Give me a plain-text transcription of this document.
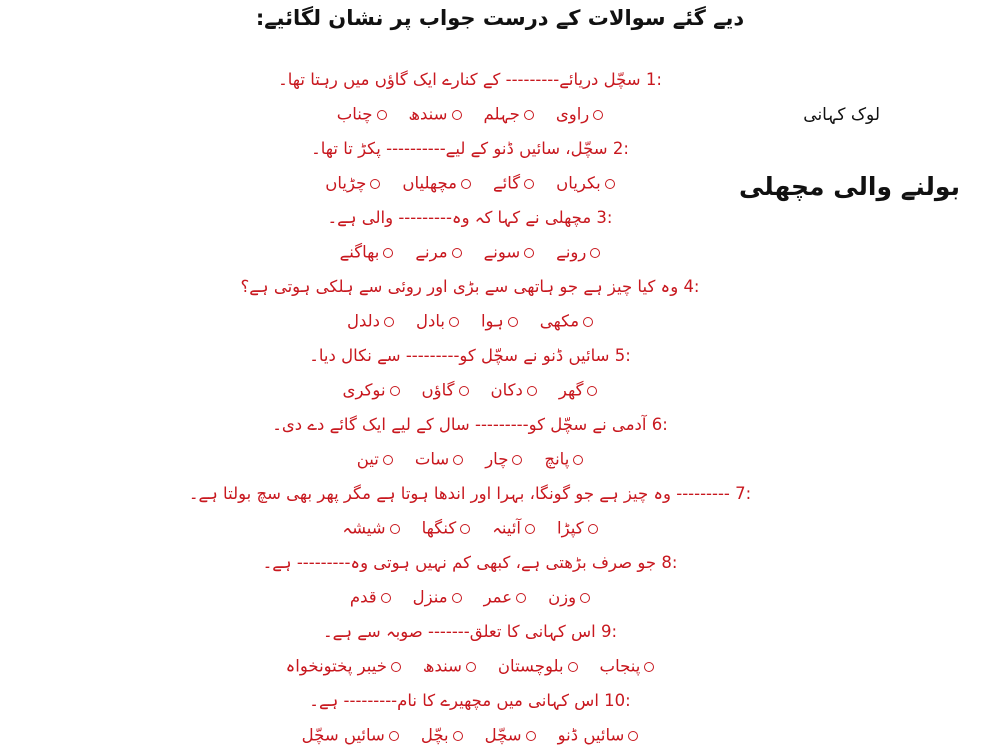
دیے گئے سوالات کے درست جواب پر نشان لگائیے:
لوک کہانی
بولنے والی مچھلی
1: سچّل دریائے--------- کے کنارے ایک گاؤں میں رہتا تھا۔
راویجہلمسندھچناب
2: سچّل، سائیں ڈنو کے لیے---------- پکڑ تا تھا۔
بکریاںگائےمچھلیاںچڑیاں
3: مچھلی نے کہا کہ وہ--------- والی ہے۔
رونےسونےمرنےبھاگنے
4: وہ کیا چیز ہے جو ہاتھی سے بڑی اور روئی سے ہلکی ہوتی ہے؟
مکھیہوابادلدلدل
5: سائیں ڈنو نے سچّل کو--------- سے نکال دیا۔
گھردکانگاؤںنوکری
6: آدمی نے سچّل کو--------- سال کے لیے ایک گائے دے دی۔
پانچچارساتتین
7: --------- وہ چیز ہے جو گونگا، بہرا اور اندھا ہوتا ہے مگر پھر بھی سچ بولتا ہے۔
کپڑاآئینہکنگھاشیشہ
8: جو صرف بڑھتی ہے، کبھی کم نہیں ہوتی وہ--------- ہے۔
وزنعمرمنزلقدم
9: اس کہانی کا تعلق------- صوبہ سے ہے۔
پنجاببلوچستانسندھخیبر پختونخواہ
10: اس کہانی میں مچھیرے کا نام--------- ہے۔
سائیں ڈنوسچّلبچّلسائیں سچّل
